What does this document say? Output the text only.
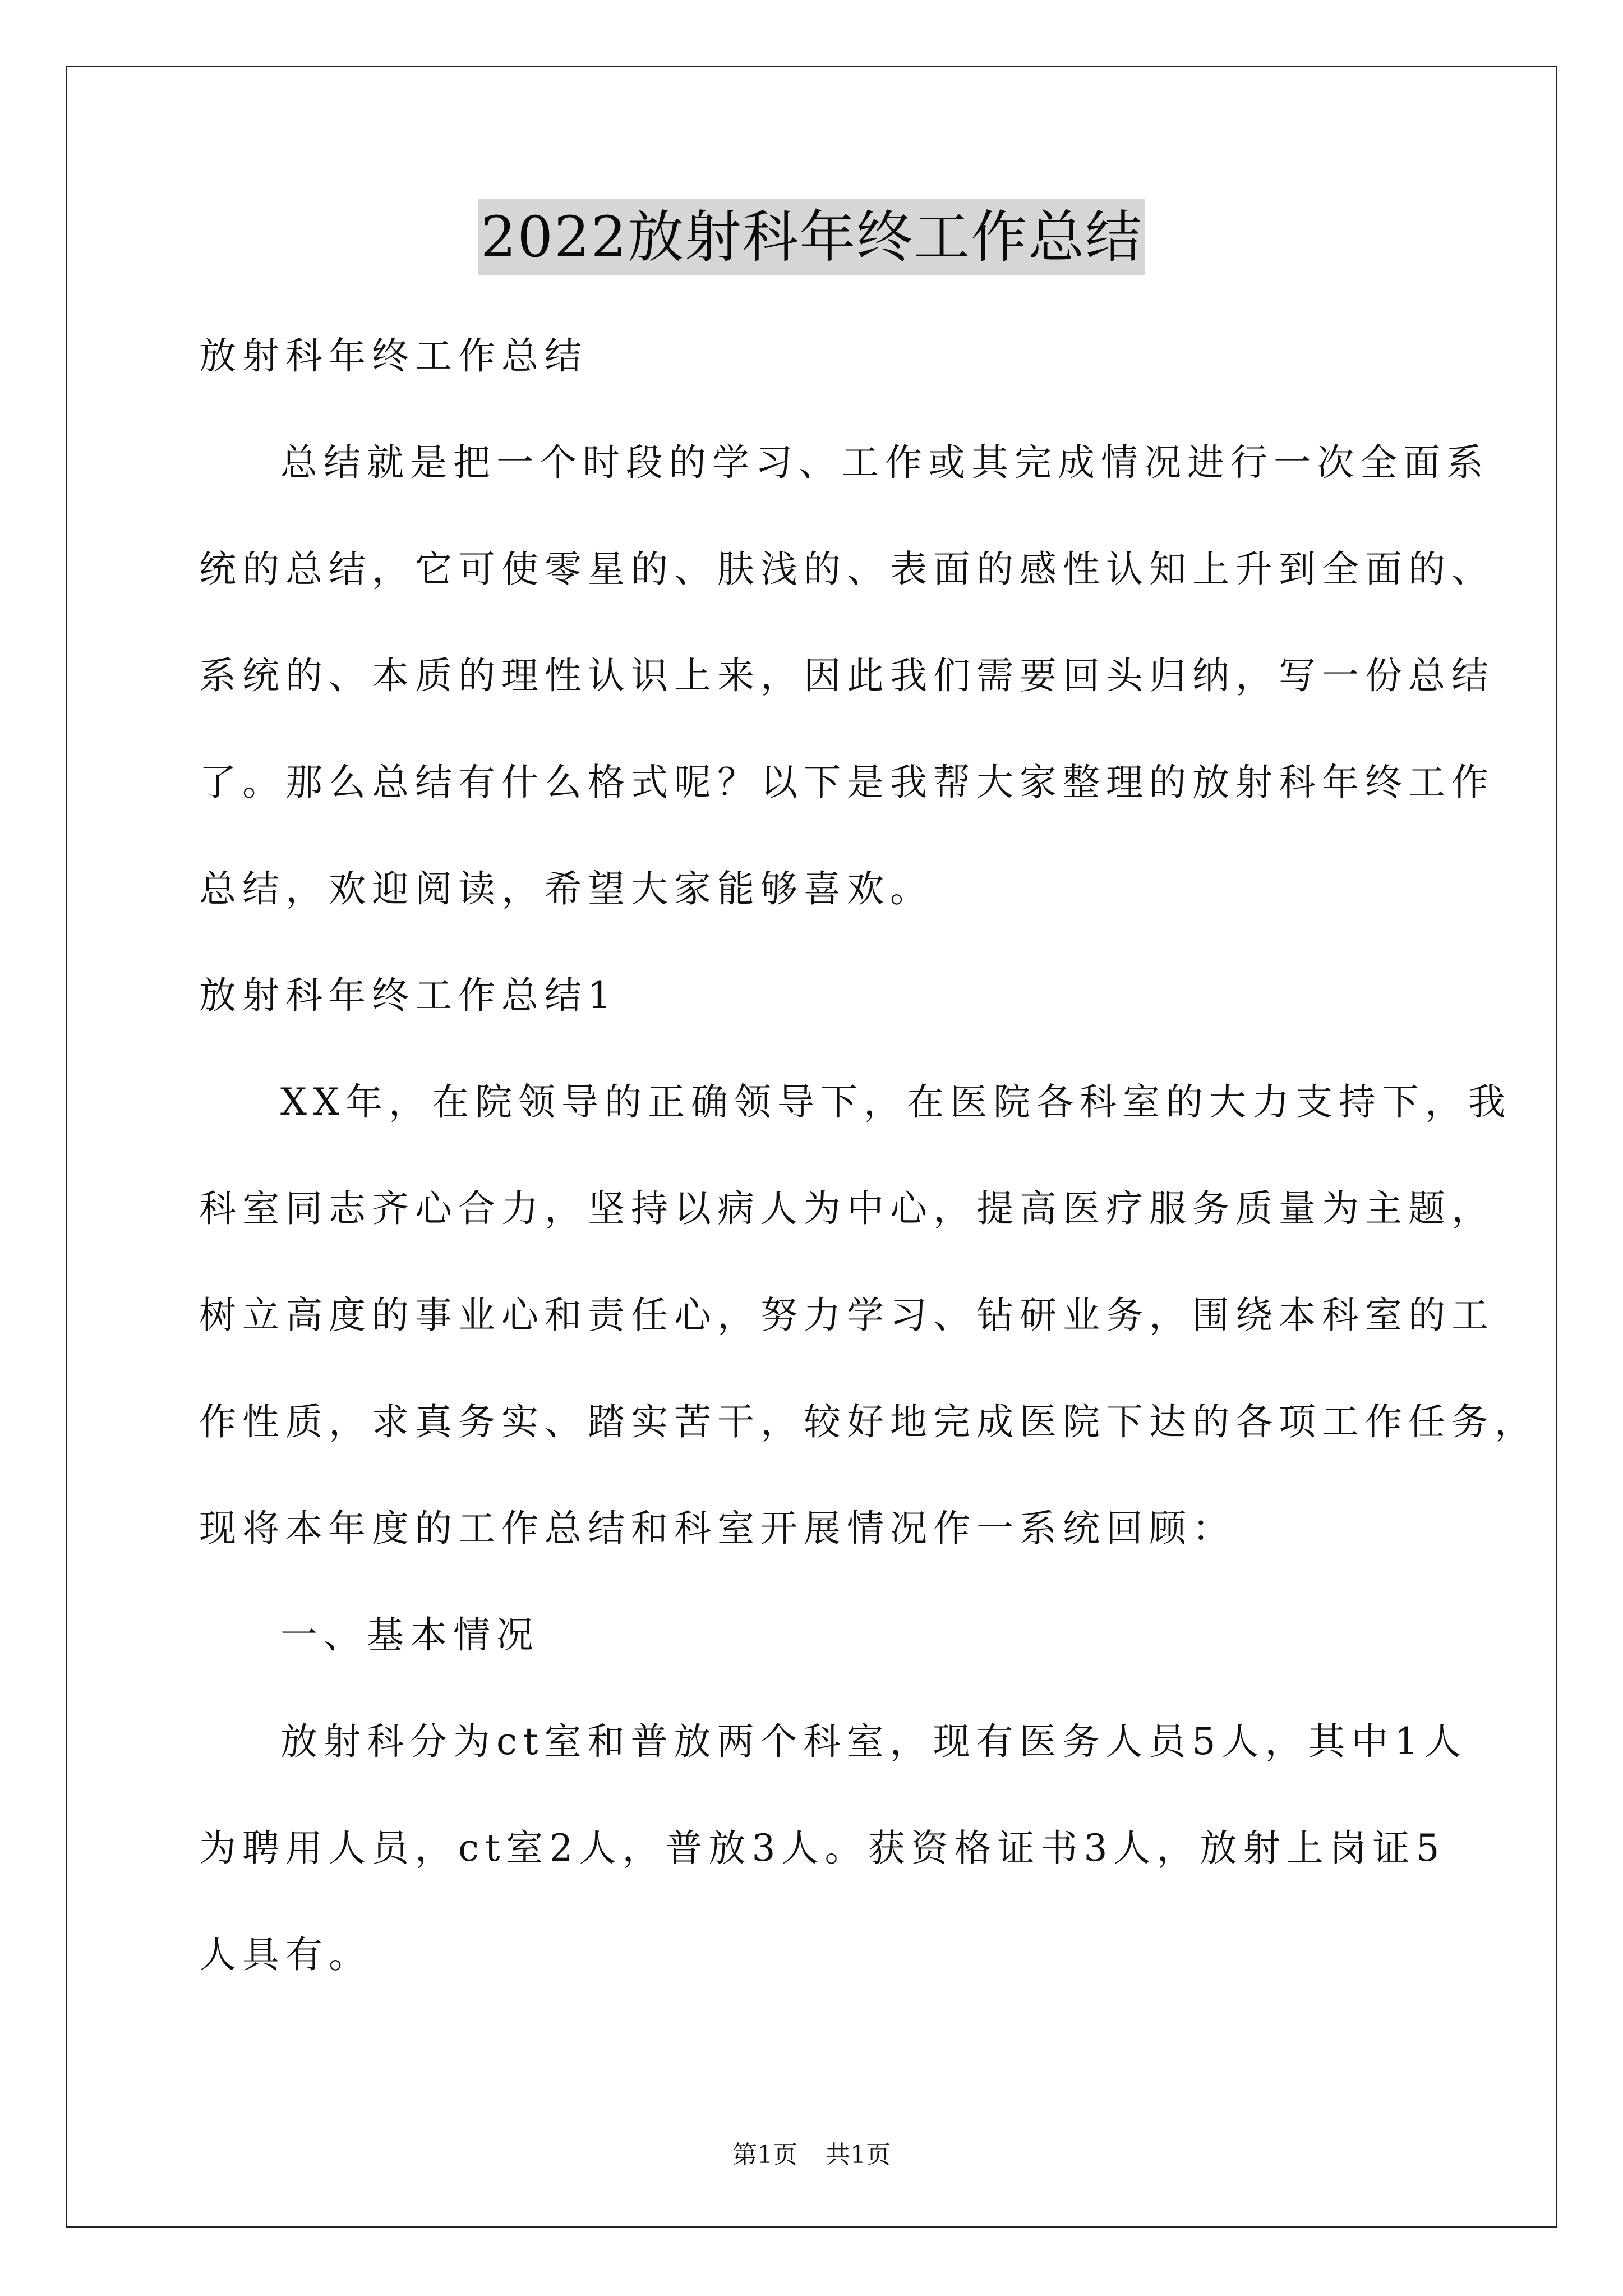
2022放射科年终工作总结
放射科年终工作总结
总结就是把一个时段的学习、工作或其完成情况进行一次全面系
统的总结，它可使零星的、肤浅的、表面的感性认知上升到全面的、
系统的、本质的理性认识上来，因此我们需要回头归纳，写一份总结
了。那么总结有什么格式呢？以下是我帮大家整理的放射科年终工作
总结，欢迎阅读，希望大家能够喜欢。
放射科年终工作总结1
XX年，在院领导的正确领导下，在医院各科室的大力支持下，我
科室同志齐心合力，坚持以病人为中心，提高医疗服务质量为主题，
树立高度的事业心和责任心，努力学习、钻研业务，围绕本科室的工
作性质，求真务实、踏实苦干，较好地完成医院下达的各项工作任务，
现将本年度的工作总结和科室开展情况作一系统回顾：
一、基本情况
放射科分为ct室和普放两个科室，现有医务人员5人，其中1人
为聘用人员，ct室2人，普放3人。获资格证书3人，放射上岗证5
人具有。
第1页 共1页
